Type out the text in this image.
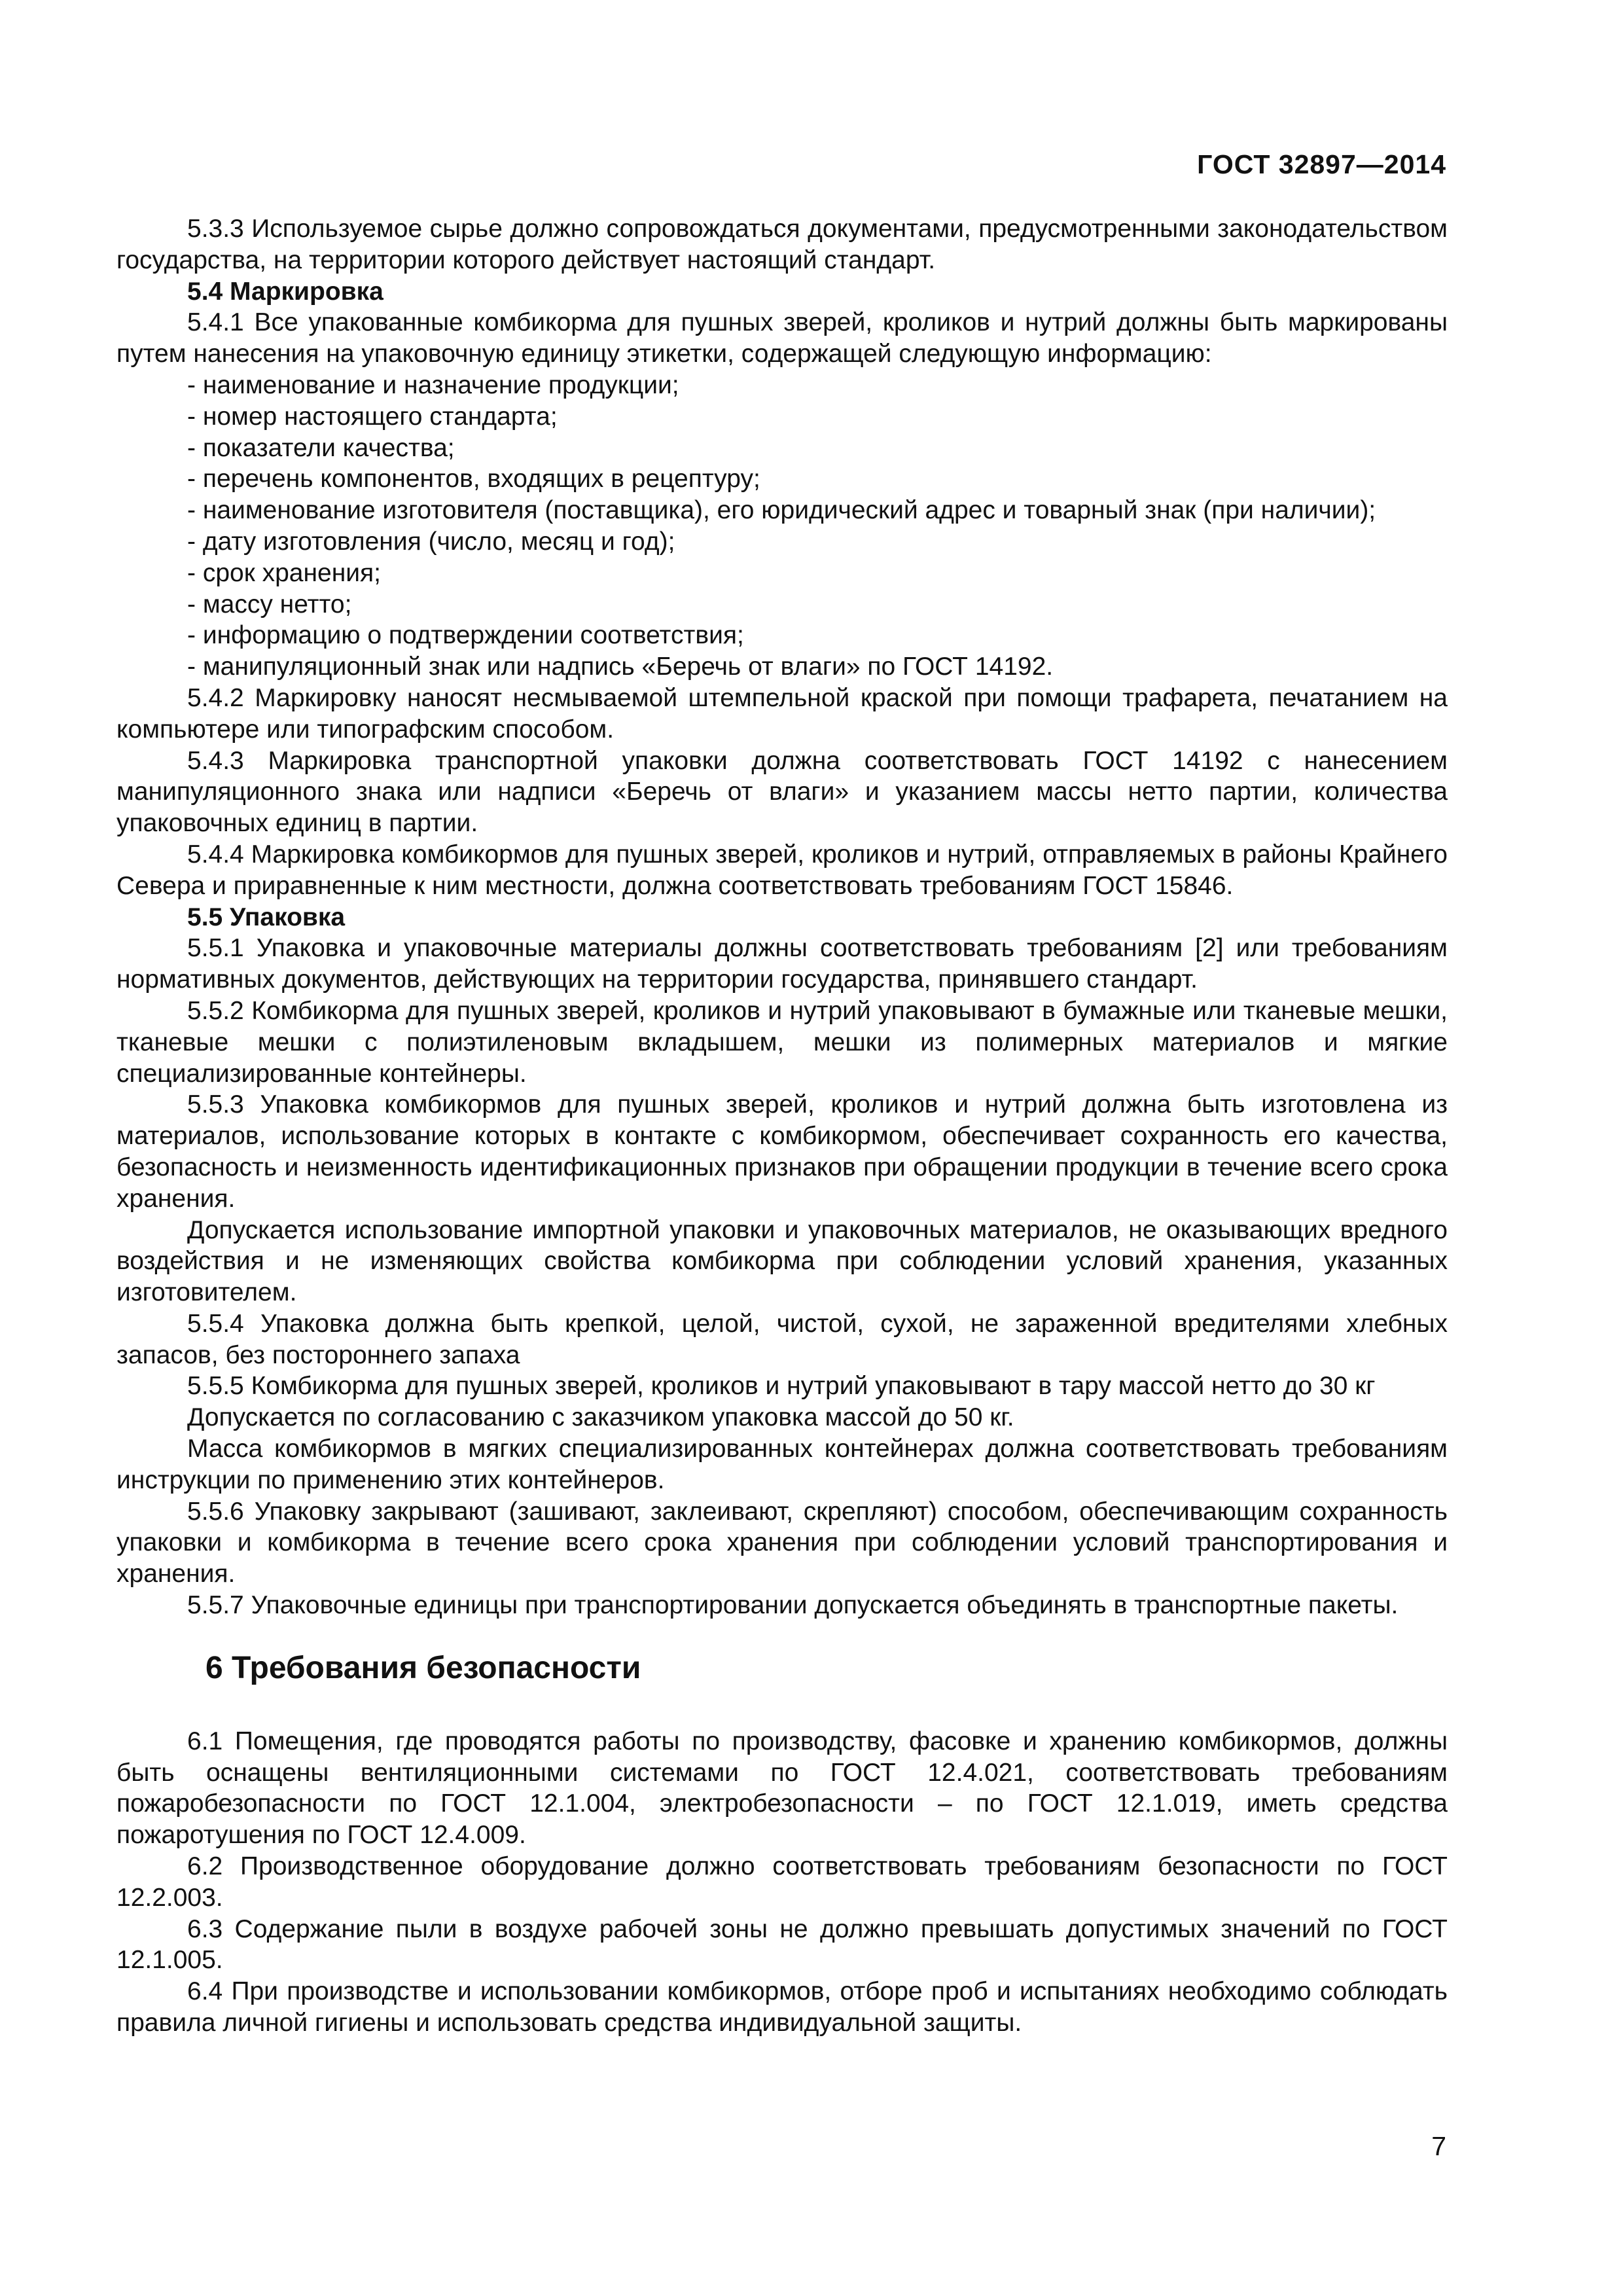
ГОСТ 32897—2014

5.3.3 Используемое сырье должно сопровождаться документами, предусмотренными законодательством государства, на территории которого действует настоящий стандарт.

5.4 Маркировка

5.4.1 Все упакованные комбикорма для пушных зверей, кроликов и нутрий должны быть маркированы путем нанесения на упаковочную единицу этикетки, содержащей следующую информацию:

- наименование и назначение продукции;

- номер настоящего стандарта;

- показатели качества;

- перечень компонентов, входящих в рецептуру;

- наименование изготовителя (поставщика), его юридический адрес и товарный знак (при наличии);

- дату изготовления (число, месяц и год);

- срок хранения;

- массу нетто;

- информацию о подтверждении соответствия;

- манипуляционный знак или надпись «Беречь от влаги» по ГОСТ 14192.

5.4.2 Маркировку наносят несмываемой штемпельной краской при помощи трафарета, печатанием на компьютере или типографским способом.

5.4.3 Маркировка транспортной упаковки должна соответствовать ГОСТ 14192 с нанесением манипуляционного знака или надписи «Беречь от влаги» и указанием массы нетто партии, количества упаковочных единиц в партии.

5.4.4 Маркировка комбикормов для пушных зверей, кроликов и нутрий, отправляемых в районы Крайнего Севера и приравненные к ним местности, должна соответствовать требованиям ГОСТ 15846.

5.5 Упаковка

5.5.1 Упаковка и упаковочные материалы должны соответствовать требованиям [2] или требованиям нормативных документов, действующих на территории государства, принявшего стандарт.

5.5.2 Комбикорма для пушных зверей, кроликов и нутрий упаковывают в бумажные или тканевые мешки, тканевые мешки с полиэтиленовым вкладышем, мешки из полимерных материалов и мягкие специализированные контейнеры.

5.5.3 Упаковка комбикормов для пушных зверей, кроликов и нутрий должна быть изготовлена из материалов, использование которых в контакте с комбикормом, обеспечивает сохранность его качества, безопасность и неизменность идентификационных признаков при обращении продукции в течение всего срока хранения.

Допускается использование импортной упаковки и упаковочных материалов, не оказывающих вредного воздействия и не изменяющих свойства комбикорма при соблюдении условий хранения, указанных изготовителем.

5.5.4 Упаковка должна быть крепкой, целой, чистой, сухой, не зараженной вредителями хлебных запасов, без постороннего запаха

5.5.5 Комбикорма для пушных зверей, кроликов и нутрий упаковывают в тару массой нетто до 30 кг

Допускается по согласованию с заказчиком упаковка массой до 50 кг.

Масса комбикормов в мягких специализированных контейнерах должна соответствовать требованиям инструкции по применению этих контейнеров.

5.5.6 Упаковку закрывают (зашивают, заклеивают, скрепляют) способом, обеспечивающим сохранность упаковки и комбикорма в течение всего срока хранения при соблюдении условий транспортирования и хранения.

5.5.7 Упаковочные единицы при транспортировании допускается объединять в транспортные пакеты.

6 Требования безопасности

6.1 Помещения, где проводятся работы по производству, фасовке и хранению комбикормов, должны быть оснащены вентиляционными системами по ГОСТ 12.4.021, соответствовать требованиям пожаробезопасности по ГОСТ 12.1.004, электробезопасности – по ГОСТ 12.1.019, иметь средства пожаротушения по ГОСТ 12.4.009.

6.2 Производственное оборудование должно соответствовать требованиям безопасности по ГОСТ 12.2.003.

6.3 Содержание пыли в воздухе рабочей зоны не должно превышать допустимых значений по ГОСТ 12.1.005.

6.4 При производстве и использовании комбикормов, отборе проб и испытаниях необходимо соблюдать правила личной гигиены и использовать средства индивидуальной защиты.

7
